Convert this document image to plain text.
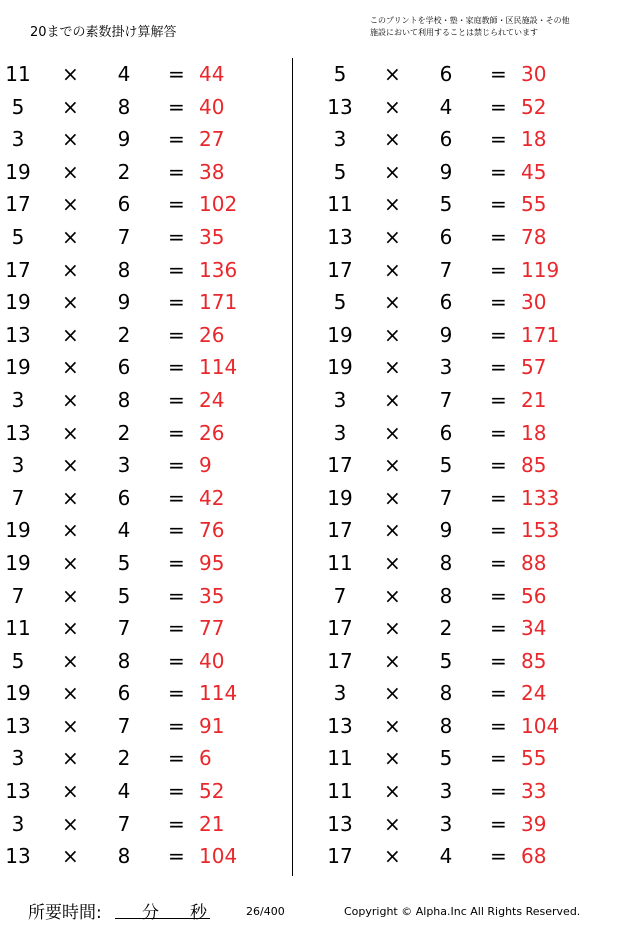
20までの素数掛け算解答
このプリントを学校・塾・家庭教師・区民施設・その他
施設において利用することは禁じられています
11 × 4 = 44
5	× 8 = 40
3	× 9 = 27
19 × 2 = 38
17 × 6 = 102
5	× 7 = 35
17 × 8 = 136
19 × 9 = 171
13 × 2 = 26
19 × 6 = 114
3	× 8 = 24
13 × 2 = 26
3	× 3 = 9
7	× 6 = 42
19 × 4 = 76
19 × 5 = 95
7	× 5 = 35
11 × 7 = 77
5	× 8 = 40
19 × 6 = 114
13 × 7 = 91
3	× 2 = 6
13 × 4 = 52
3	× 7 = 21
13 × 8 = 104
5	× 6 = 30
13 × 4 = 52
3	× 6 = 18
5	× 9 = 45
11 × 5 = 55
13 × 6 = 78
17 × 7 = 119
5	× 6 = 30
19 × 9 = 171
19 × 3 = 57
3	× 7 = 21
3	× 6 = 18
17 × 5 = 85
19 × 7 = 133
17 × 9 = 153
11 × 8 = 88
7	× 8 = 56
17 × 2 = 34
17 × 5 = 85
3	× 8 = 24
13 × 8 = 104
11 × 5 = 55
11 × 3 = 33
13 × 3 = 39
17 × 4 = 68
所要時間: 分 秒	26/400	Copyright © Alpha.Inc All Rights Reserved.
